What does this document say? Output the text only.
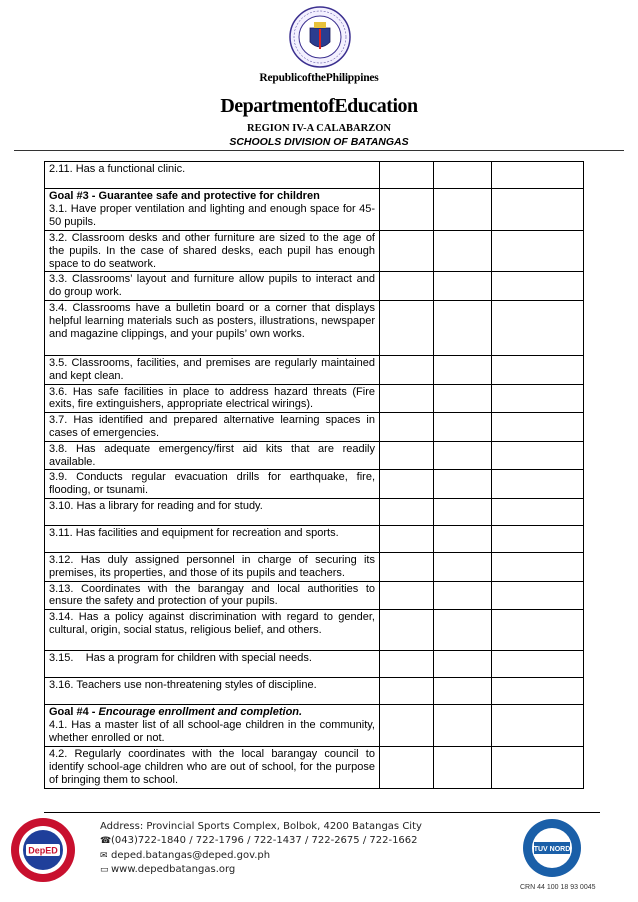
RepublicofthePhilippines
DepartmentofEducation
REGION IV-A CALABARZON
SCHOOLS DIVISION OF BATANGAS
2.11. Has a functional clinic.			

Goal #3 - Guarantee safe and protective for children
3.1. Have proper ventilation and lighting and enough space for 45-50 pupils.			
3.2. Classroom desks and other furniture are sized to the age of the pupils. In the case of shared desks, each pupil has enough space to do seatwork.			
3.3. Classrooms’ layout and furniture allow pupils to interact and do group work.			
3.4. Classrooms have a bulletin board or a corner that displays helpful learning materials such as posters, illustrations, newspaper and magazine clippings, and your pupils’ own works.			
3.5. Classrooms, facilities, and premises are regularly maintained and kept clean.			
3.6. Has safe facilities in place to address hazard threats (Fire exits, fire extinguishers, appropriate electrical wirings).			
3.7. Has identified and prepared alternative learning spaces in cases of emergencies.			
3.8. Has adequate emergency/first aid kits that are readily available.			
3.9. Conducts regular evacuation drills for earthquake, fire, flooding, or tsunami.			
3.10. Has a library for reading and for study.			
3.11. Has facilities and equipment for recreation and sports.			
3.12. Has duly assigned personnel in charge of securing its premises, its properties, and those of its pupils and teachers.			
3.13. Coordinates with the barangay and local authorities to ensure the safety and protection of your pupils.			
3.14. Has a policy against discrimination with regard to gender, cultural, origin, social status, religious belief, and others.			
3.15.    Has a program for children with special needs.			
3.16. Teachers use non-threatening styles of discipline.			

Goal #4 - Encourage enrollment and completion.
4.1. Has a master list of all school-age children in the community, whether enrolled or not.			
4.2. Regularly coordinates with the local barangay council to identify school-age children who are out of school, for the purpose of bringing them to school.			
DepED
Address: Provincial Sports Complex, Bolbok, 4200 Batangas City
☎(043)722-1840 / 722-1796 / 722-1437 / 722-2675 / 722-1662
✉ deped.batangas@deped.gov.ph
▭ www.depedbatangas.org
TUV NORD
CRN 44 100 18 93 0045
